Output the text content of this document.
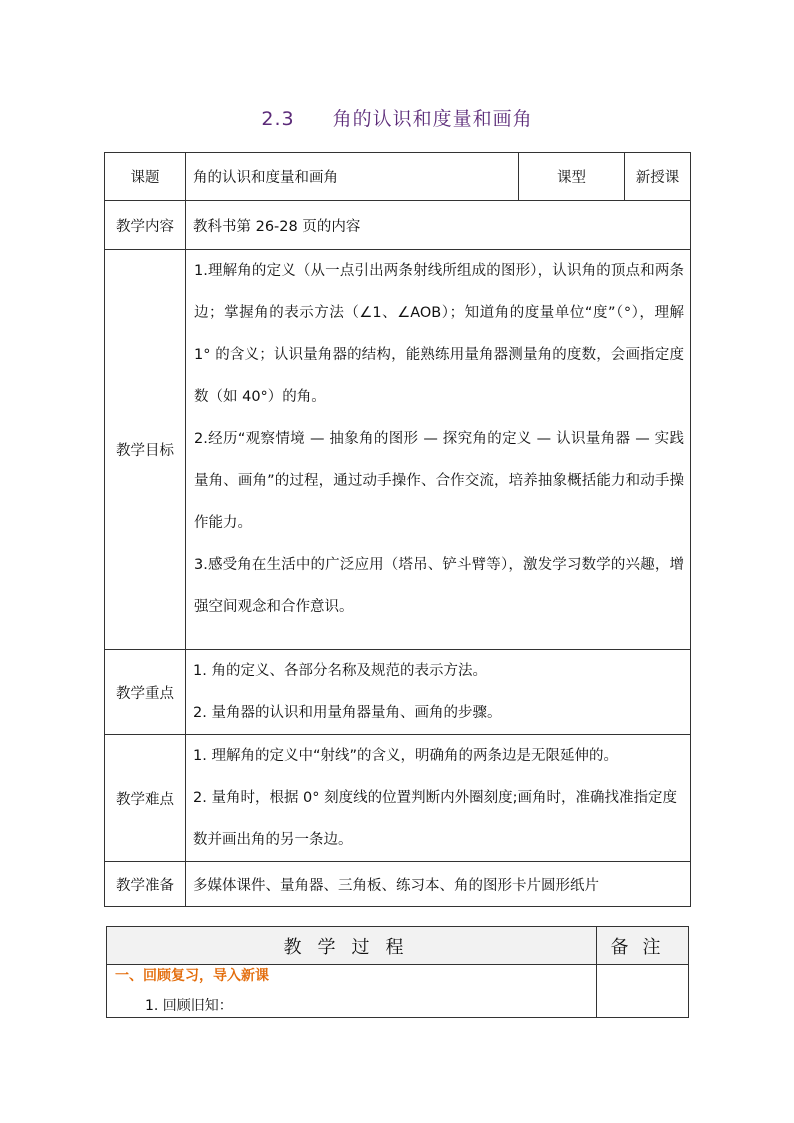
2.3 角的认识和度量和画角
课题	角的认识和度量和画角	课型	新授课
教学内容	教科书第 26-28 页的内容		
教学目标	1.理解角的定义（从一点引出两条射线所组成的图形），认识角的顶点和两条边；掌握角的表示方法（∠1、∠AOB）；知道角的度量单位“度”（°），理解 1° 的含义；认识量角器的结构，能熟练用量角器测量角的度数，会画指定度数（如 40°）的角。
2.经历“观察情境 — 抽象角的图形 — 探究角的定义 — 认识量角器 — 实践量角、画角”的过程，通过动手操作、合作交流，培养抽象概括能力和动手操作能力。
3.感受角在生活中的广泛应用（塔吊、铲斗臂等），激发学习数学的兴趣，增强空间观念和合作意识。		

教学重点	1. 角的定义、各部分名称及规范的表示方法。
2. 量角器的认识和用量角器量角、画角的步骤。		

教学难点	1. 理解角的定义中“射线”的含义，明确角的两条边是无限延伸的。
2. 量角时，根据 0° 刻度线的位置判断内外圈刻度;画角时，准确找准指定度数并画出角的另一条边。		

教学准备	多媒体课件、量角器、三角板、练习本、角的图形卡片圆形纸片		
教学过程	备注

一、回顾复习，导入新课
1. 回顾旧知：	
